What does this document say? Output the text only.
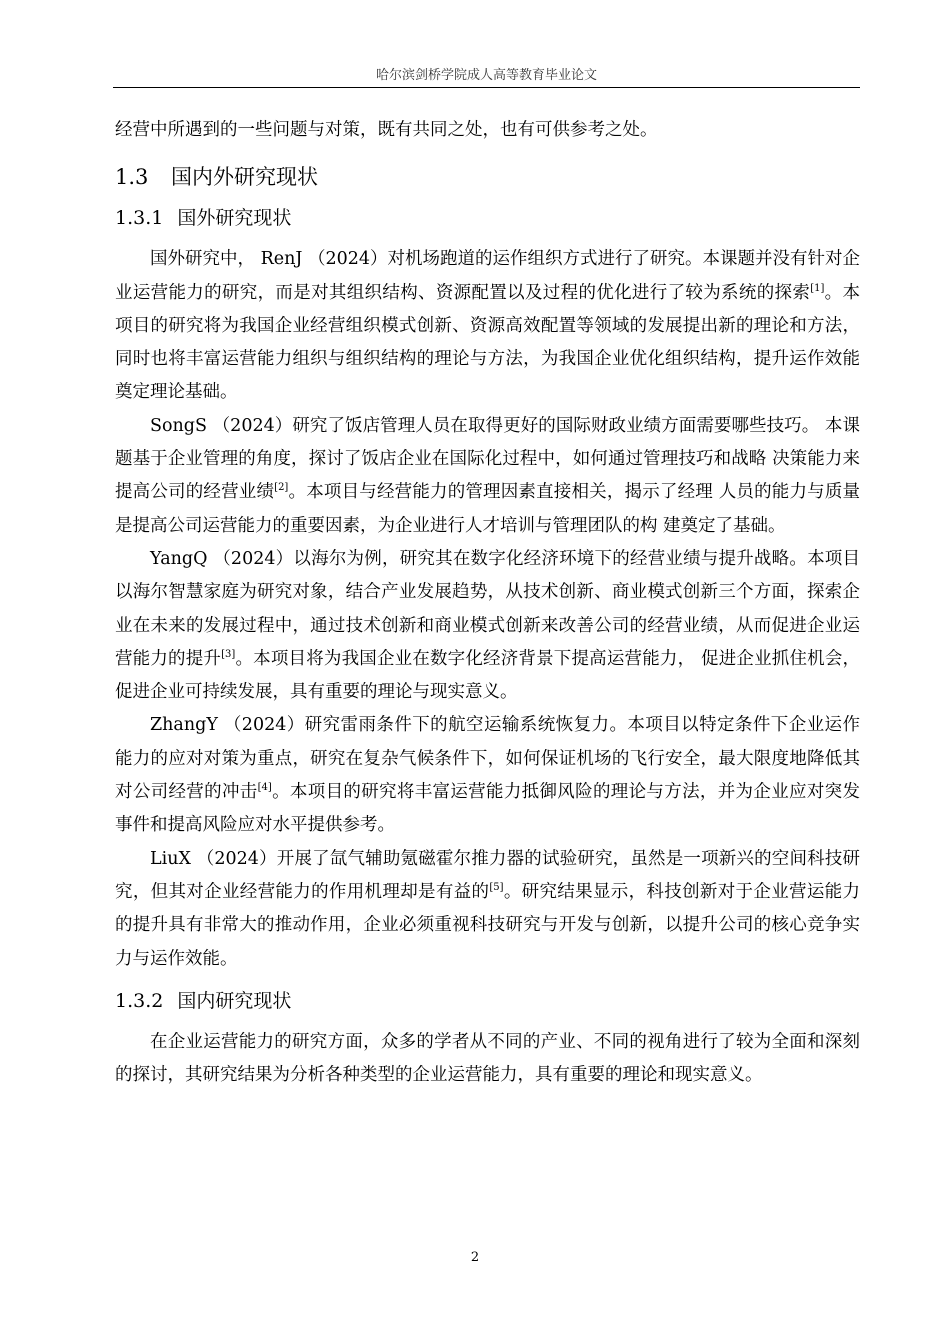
哈尔滨剑桥学院成人高等教育毕业论文

经营中所遇到的一些问题与对策，既有共同之处，也有可供参考之处。

1.3 国内外研究现状
1.3.1 国外研究现状

国外研究中， RenJ （2024）对机场跑道的运作组织方式进行了研究。本课题并没有针对企业运营能力的研究，而是对其组织结构、资源配置以及过程的优化进行了较为系统的探索[1]。本项目的研究将为我国企业经营组织模式创新、资源高效配置等领域的发展提出新的理论和方法，同时也将丰富运营能力组织与组织结构的理论与方法，为我国企业优化组织结构，提升运作效能奠定理论基础。

SongS （2024）研究了饭店管理人员在取得更好的国际财政业绩方面需要哪些技巧。 本课题基于企业管理的角度，探讨了饭店企业在国际化过程中，如何通过管理技巧和战略 决策能力来提高公司的经营业绩[2]。本项目与经营能力的管理因素直接相关，揭示了经理 人员的能力与质量是提高公司运营能力的重要因素，为企业进行人才培训与管理团队的构 建奠定了基础。

YangQ （2024）以海尔为例，研究其在数字化经济环境下的经营业绩与提升战略。本项目以海尔智慧家庭为研究对象，结合产业发展趋势，从技术创新、商业模式创新三个方面，探索企业在未来的发展过程中，通过技术创新和商业模式创新来改善公司的经营业绩，从而促进企业运营能力的提升[3]。本项目将为我国企业在数字化经济背景下提高运营能力， 促进企业抓住机会，促进企业可持续发展，具有重要的理论与现实意义。

ZhangY （2024）研究雷雨条件下的航空运输系统恢复力。本项目以特定条件下企业运作能力的应对对策为重点，研究在复杂气候条件下，如何保证机场的飞行安全，最大限度地降低其对公司经营的冲击[4]。本项目的研究将丰富运营能力抵御风险的理论与方法，并为企业应对突发事件和提高风险应对水平提供参考。

LiuX （2024）开展了氙气辅助氪磁霍尔推力器的试验研究，虽然是一项新兴的空间科技研究，但其对企业经营能力的作用机理却是有益的[5]。研究结果显示，科技创新对于企业营运能力的提升具有非常大的推动作用，企业必须重视科技研究与开发与创新，以提升公司的核心竞争实力与运作效能。

1.3.2 国内研究现状

在企业运营能力的研究方面，众多的学者从不同的产业、不同的视角进行了较为全面和深刻的探讨，其研究结果为分析各种类型的企业运营能力，具有重要的理论和现实意义。

2
